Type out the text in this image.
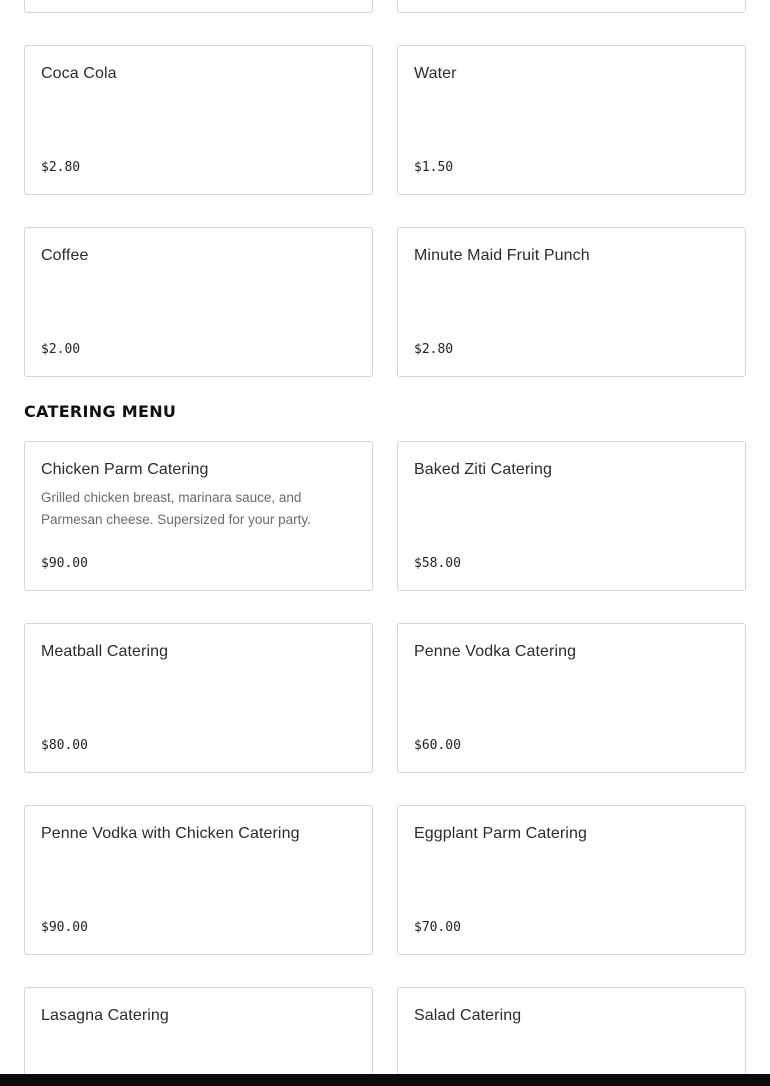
Coca Cola
$2.80
Water
$1.50
Coffee
$2.00
Minute Maid Fruit Punch
$2.80
CATERING MENU
Chicken Parm Catering
Grilled chicken breast, marinara sauce, and Parmesan cheese. Supersized for your party.
$90.00
Baked Ziti Catering
$58.00
Meatball Catering
$80.00
Penne Vodka Catering
$60.00
Penne Vodka with Chicken Catering
$90.00
Eggplant Parm Catering
$70.00
Lasagna Catering	Salad Catering
